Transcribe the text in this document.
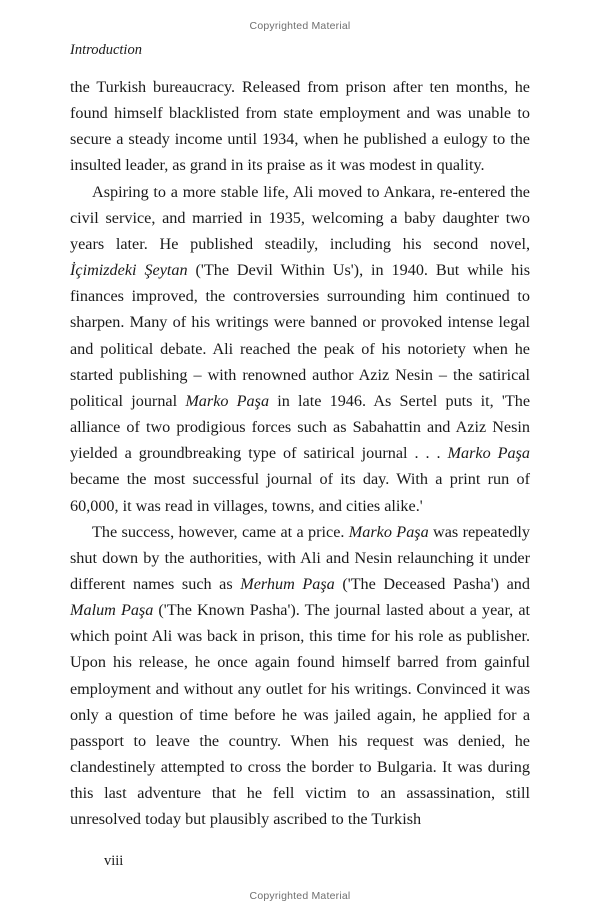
Copyrighted Material
Introduction

the Turkish bureaucracy. Released from prison after ten months, he found himself blacklisted from state employment and was unable to secure a steady income until 1934, when he published a eulogy to the insulted leader, as grand in its praise as it was modest in quality.

Aspiring to a more stable life, Ali moved to Ankara, re-entered the civil service, and married in 1935, welcoming a baby daughter two years later. He published steadily, including his second novel, İçimizdeki Şeytan ('The Devil Within Us'), in 1940. But while his finances improved, the controversies surrounding him continued to sharpen. Many of his writings were banned or provoked intense legal and political debate. Ali reached the peak of his notoriety when he started publishing – with renowned author Aziz Nesin – the satirical political journal Marko Paşa in late 1946. As Sertel puts it, 'The alliance of two prodigious forces such as Sabahattin and Aziz Nesin yielded a groundbreaking type of satirical journal . . . Marko Paşa became the most successful journal of its day. With a print run of 60,000, it was read in villages, towns, and cities alike.'

The success, however, came at a price. Marko Paşa was repeatedly shut down by the authorities, with Ali and Nesin relaunching it under different names such as Merhum Paşa ('The Deceased Pasha') and Malum Paşa ('The Known Pasha'). The journal lasted about a year, at which point Ali was back in prison, this time for his role as publisher. Upon his release, he once again found himself barred from gainful employment and without any outlet for his writings. Convinced it was only a question of time before he was jailed again, he applied for a passport to leave the country. When his request was denied, he clandestinely attempted to cross the border to Bulgaria. It was during this last adventure that he fell victim to an assassination, still unresolved today but plausibly ascribed to the Turkish

viii
Copyrighted Material
